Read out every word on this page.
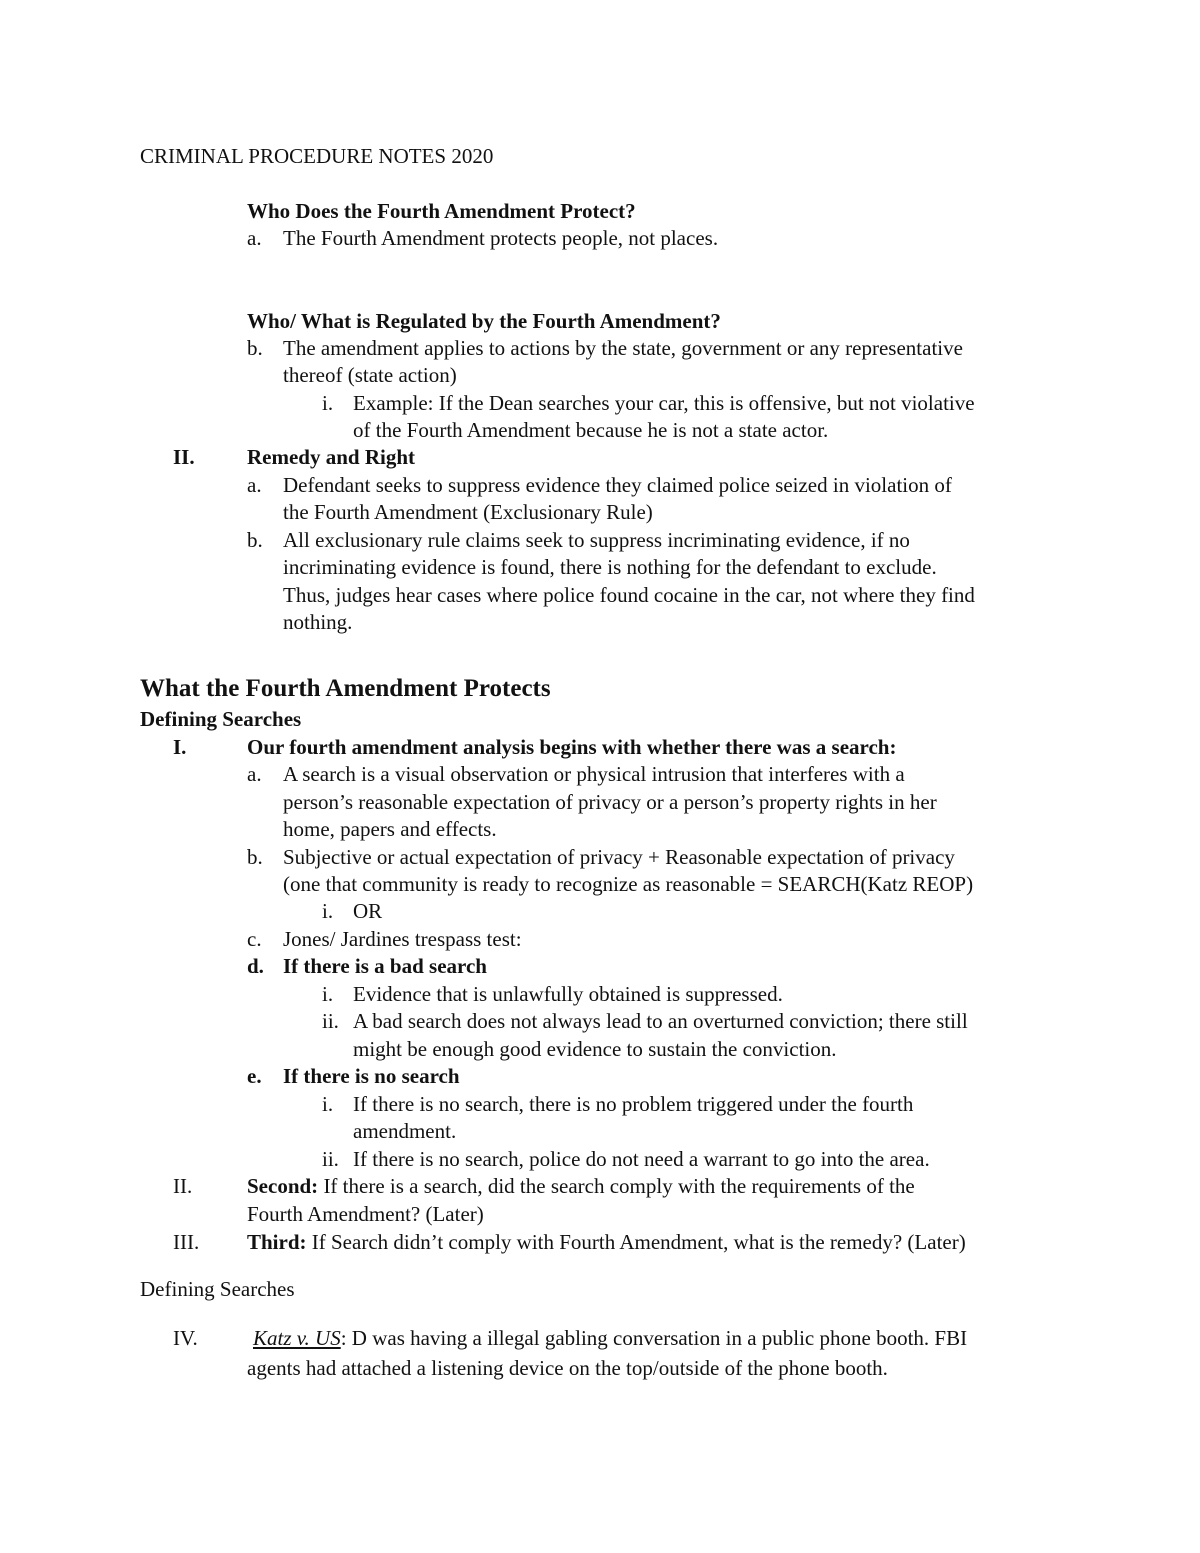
CRIMINAL PROCEDURE NOTES 2020
Who Does the Fourth Amendment Protect?
a. The Fourth Amendment protects people, not places.
Who/ What is Regulated by the Fourth Amendment?
b. The amendment applies to actions by the state, government or any representative
thereof (state action)
i. Example: If the Dean searches your car, this is offensive, but not violative
of the Fourth Amendment because he is not a state actor.
II. Remedy and Right
a. Defendant seeks to suppress evidence they claimed police seized in violation of
the Fourth Amendment (Exclusionary Rule)
b. All exclusionary rule claims seek to suppress incriminating evidence, if no
incriminating evidence is found, there is nothing for the defendant to exclude.
Thus, judges hear cases where police found cocaine in the car, not where they find
nothing.
What the Fourth Amendment Protects
Defining Searches
I.	Our fourth amendment analysis begins with whether there was a search:
a. A search is a visual observation or physical intrusion that interferes with a
person’s reasonable expectation of privacy or a person’s property rights in her
home, papers and effects.
b. Subjective or actual expectation of privacy + Reasonable expectation of privacy
(one that community is ready to recognize as reasonable = SEARCH(Katz REOP)
i. OR
c. Jones/ Jardines trespass test:
d. If there is a bad search
i. Evidence that is unlawfully obtained is suppressed.
ii. A bad search does not always lead to an overturned conviction; there still
might be enough good evidence to sustain the conviction.
e. If there is no search
i. If there is no search, there is no problem triggered under the fourth
amendment.
ii. If there is no search, police do not need a warrant to go into the area.
II.	Second: If there is a search, did the search comply with the requirements of the
Fourth Amendment? (Later)
III. Third: If Search didn’t comply with Fourth Amendment, what is the remedy? (Later)
Defining Searches
IV.	Katz v. US: D was having a illegal gabling conversation in a public phone booth. FBI
agents had attached a listening device on the top/outside of the phone booth.
